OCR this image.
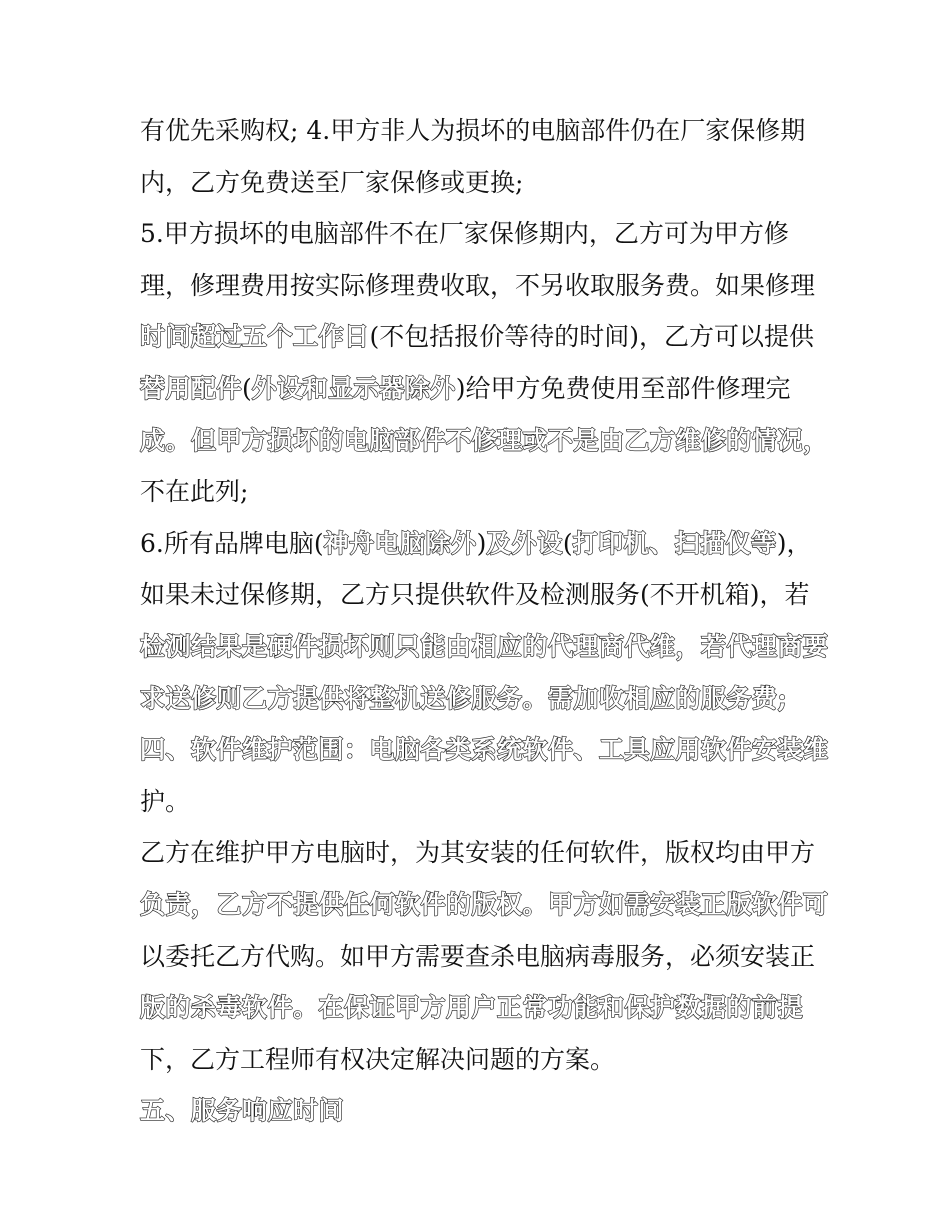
有优先采购权; 4.甲方非人为损坏的电脑部件仍在厂家保修期
内，乙方免费送至厂家保修或更换;
5.甲方损坏的电脑部件不在厂家保修期内，乙方可为甲方修
理，修理费用按实际修理费收取，不另收取服务费。如果修理
时间超过五个工作日(不包括报价等待的时间)，乙方可以提供
替用配件(外设和显示器除外)给甲方免费使用至部件修理完
成。但甲方损坏的电脑部件不修理或不是由乙方维修的情况，
不在此列;
6.所有品牌电脑(神舟电脑除外)及外设(打印机、扫描仪等)，
如果未过保修期，乙方只提供软件及检测服务(不开机箱)，若
检测结果是硬件损坏则只能由相应的代理商代维，若代理商要
求送修则乙方提供将整机送修服务。需加收相应的服务费;
四、软件维护范围：电脑各类系统软件、工具应用软件安装维
护。
乙方在维护甲方电脑时，为其安装的任何软件，版权均由甲方
负责，乙方不提供任何软件的版权。甲方如需安装正版软件可
以委托乙方代购。如甲方需要查杀电脑病毒服务，必须安装正
版的杀毒软件。在保证甲方用户正常功能和保护数据的前提
下，乙方工程师有权决定解决问题的方案。
五、服务响应时间
